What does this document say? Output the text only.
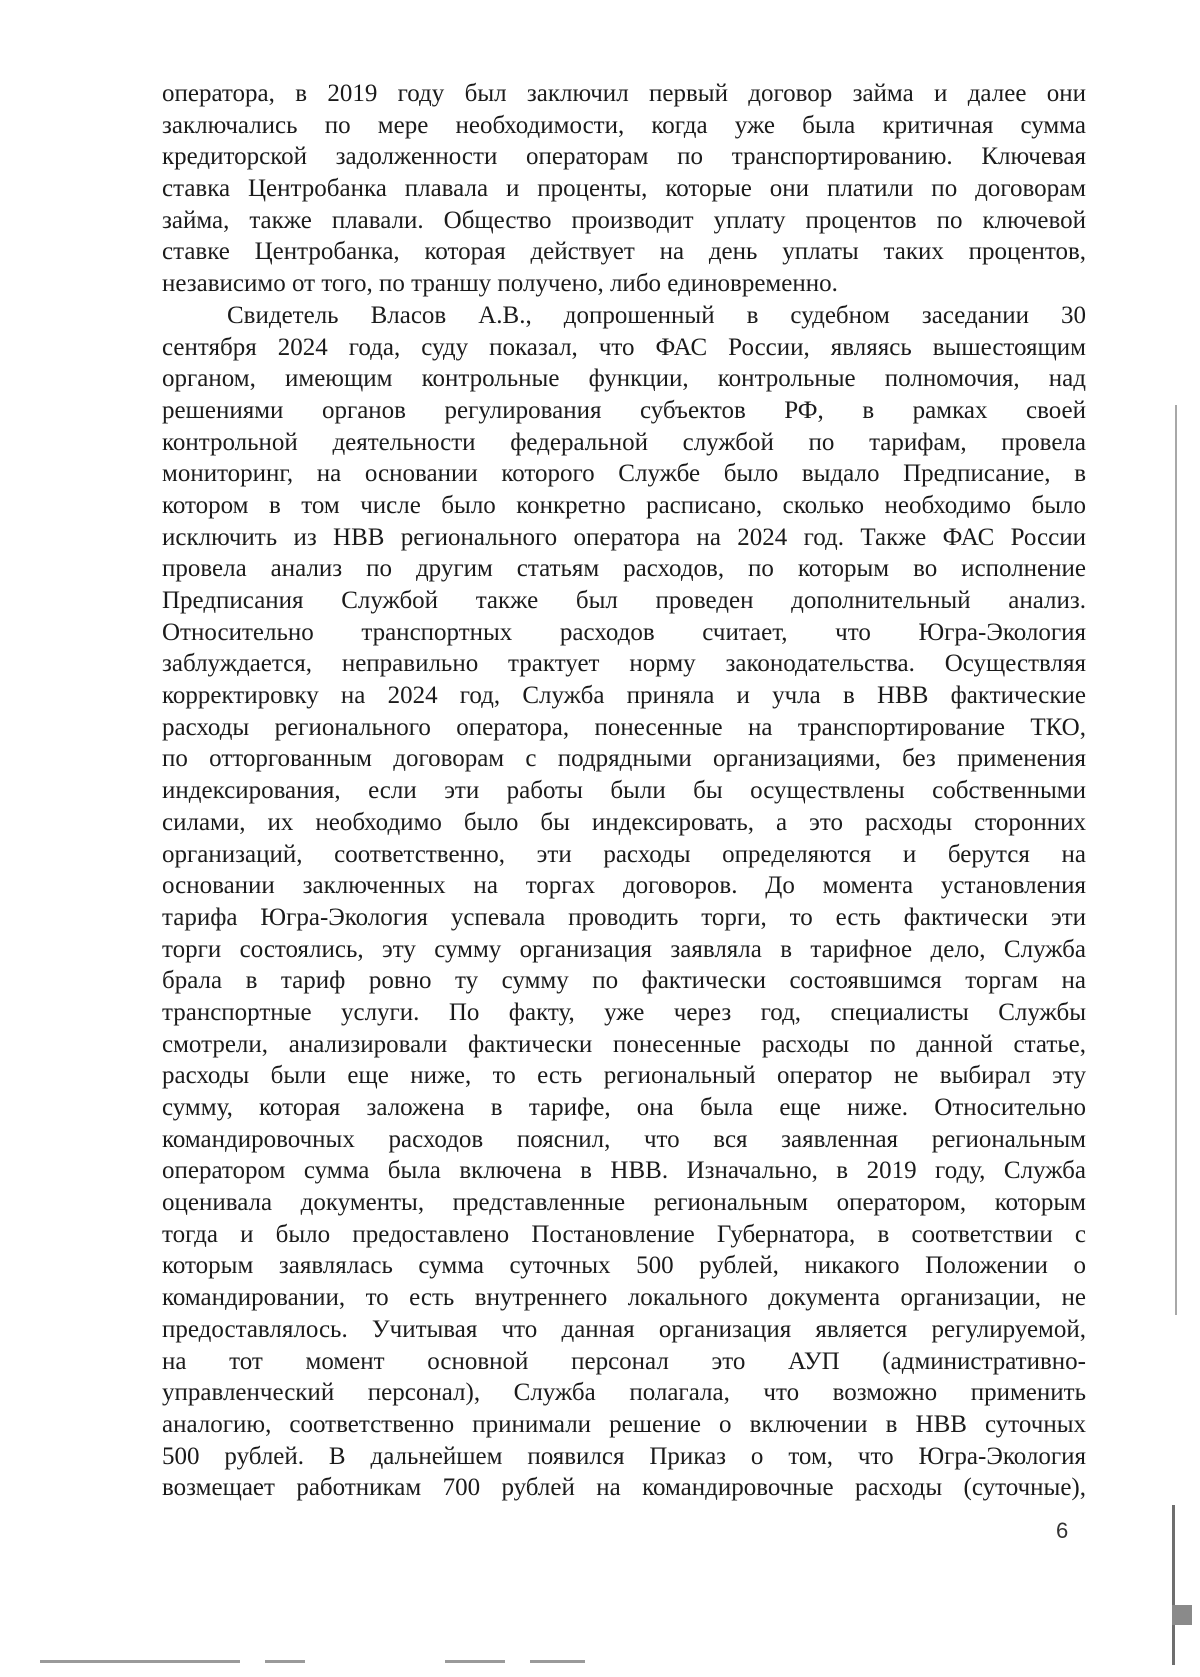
оператора, в 2019 году был заключил первый договор займа и далее они
заключались по мере необходимости, когда уже была критичная сумма
кредиторской задолженности операторам по транспортированию. Ключевая
ставка Центробанка плавала и проценты, которые они платили по договорам
займа, также плавали. Общество производит уплату процентов по ключевой
ставке Центробанка, которая действует на день уплаты таких процентов,
независимо от того, по траншу получено, либо единовременно.
Свидетель Власов А.В., допрошенный в судебном заседании 30
сентября 2024 года, суду показал, что ФАС России, являясь вышестоящим
органом, имеющим контрольные функции, контрольные полномочия, над
решениями органов регулирования субъектов РФ, в рамках своей
контрольной деятельности федеральной службой по тарифам, провела
мониторинг, на основании которого Службе было выдало Предписание, в
котором в том числе было конкретно расписано, сколько необходимо было
исключить из НВВ регионального оператора на 2024 год. Также ФАС России
провела анализ по другим статьям расходов, по которым во исполнение
Предписания Службой также был проведен дополнительный анализ.
Относительно транспортных расходов считает, что Югра-Экология
заблуждается, неправильно трактует норму законодательства. Осуществляя
корректировку на 2024 год, Служба приняла и учла в НВВ фактические
расходы регионального оператора, понесенные на транспортирование ТКО,
по отторгованным договорам с подрядными организациями, без применения
индексирования, если эти работы были бы осуществлены собственными
силами, их необходимо было бы индексировать, а это расходы сторонних
организаций, соответственно, эти расходы определяются и берутся на
основании заключенных на торгах договоров. До момента установления
тарифа Югра-Экология успевала проводить торги, то есть фактически эти
торги состоялись, эту сумму организация заявляла в тарифное дело, Служба
брала в тариф ровно ту сумму по фактически состоявшимся торгам на
транспортные услуги. По факту, уже через год, специалисты Службы
смотрели, анализировали фактически понесенные расходы по данной статье,
расходы были еще ниже, то есть региональный оператор не выбирал эту
сумму, которая заложена в тарифе, она была еще ниже. Относительно
командировочных расходов пояснил, что вся заявленная региональным
оператором сумма была включена в НВВ. Изначально, в 2019 году, Служба
оценивала документы, представленные региональным оператором, которым
тогда и было предоставлено Постановление Губернатора, в соответствии с
которым заявлялась сумма суточных 500 рублей, никакого Положении о
командировании, то есть внутреннего локального документа организации, не
предоставлялось. Учитывая что данная организация является регулируемой,
на тот момент основной персонал это АУП (административно-
управленческий персонал), Служба полагала, что возможно применить
аналогию, соответственно принимали решение о включении в НВВ суточных
500 рублей. В дальнейшем появился Приказ о том, что Югра-Экология
возмещает работникам 700 рублей на командировочные расходы (суточные),
6
